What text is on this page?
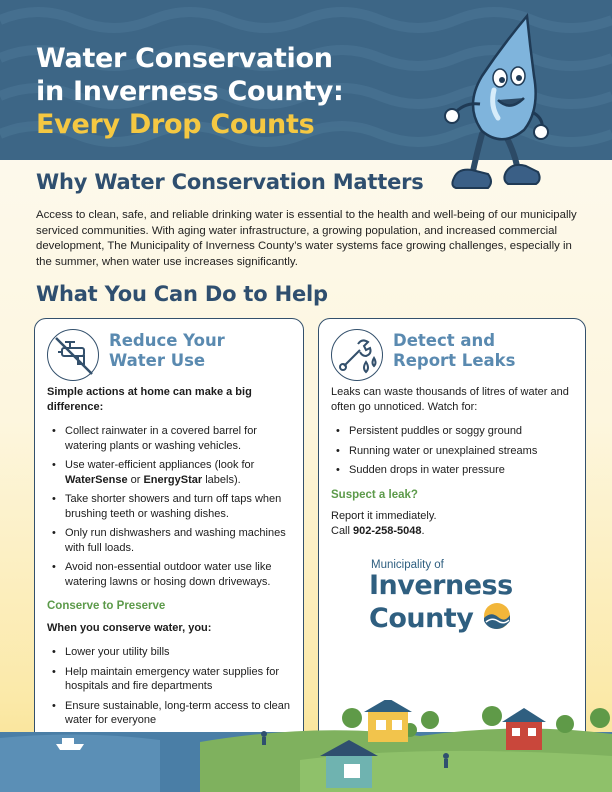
Water Conservation
in Inverness County:
Every Drop Counts
Why Water Conservation Matters

Access to clean, safe, and reliable drinking water is essential to the health and well-being of our municipally serviced communities. With aging water infrastructure, a growing population, and increased commercial development, The Municipality of Inverness County’s water systems face growing challenges, especially in the summer, when water use increases significantly.

What You Can Do to Help
Reduce Your
Water Use

Simple actions at home can make a big difference:

• Collect rainwater in a covered barrel for watering plants or washing vehicles.
• Use water-efficient appliances (look for WaterSense or EnergyStar labels).
• Take shorter showers and turn off taps when brushing teeth or washing dishes.
• Only run dishwashers and washing machines with full loads.
• Avoid non-essential outdoor water use like watering lawns or hosing down driveways.

Conserve to Preserve

When you conserve water, you:

• Lower your utility bills
• Help maintain emergency water supplies for hospitals and fire departments
• Ensure sustainable, long-term access to clean water for everyone
Detect and
Report Leaks

Leaks can waste thousands of litres of water and often go unnoticed. Watch for:

• Persistent puddles or soggy ground
• Running water or unexplained streams
• Sudden drops in water pressure

Suspect a leak?

Report it immediately.

Call 902-258-5048.

Municipality of
Inverness
County
